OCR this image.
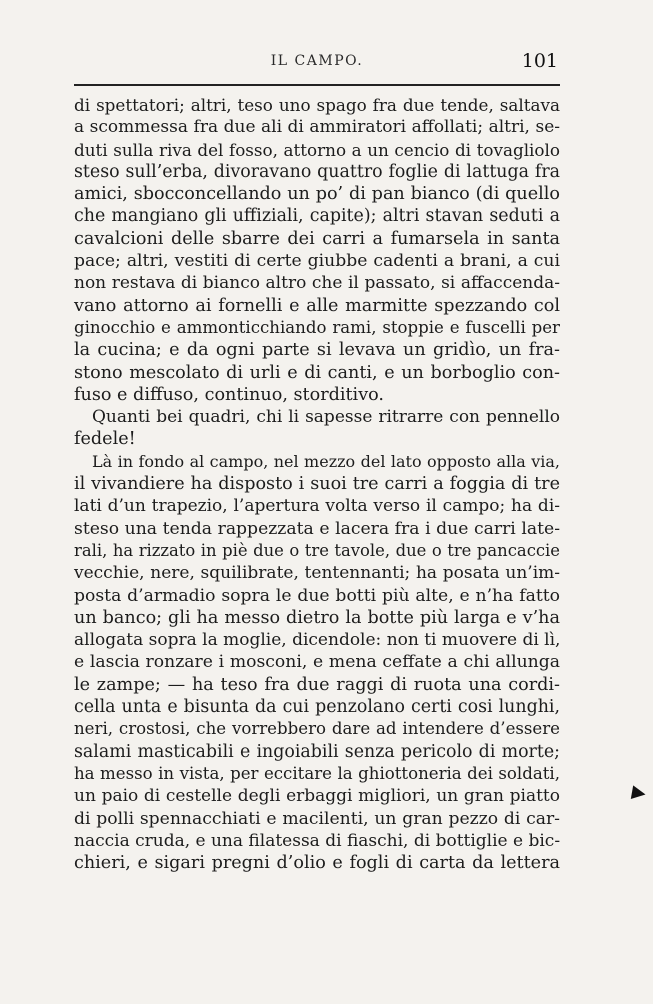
IL CAMPO.	101
di spettatori; altri, teso uno spago fra due tende, saltava
a scommessa fra due ali di ammiratori affollati; altri, se-
duti sulla riva del fosso, attorno a un cencio di tovagliolo
steso sull’erba, divoravano quattro foglie di lattuga fra
amici, sbocconcellando un po’ di pan bianco (di quello
che mangiano gli uffiziali, capite); altri stavan seduti a
cavalcioni delle sbarre dei carri a fumarsela in santa
pace; altri, vestiti di certe giubbe cadenti a brani, a cui
non restava di bianco altro che il passato, si affaccenda-
vano attorno ai fornelli e alle marmitte spezzando col
ginocchio e ammonticchiando rami, stoppie e fuscelli per
la cucina; e da ogni parte si levava un gridìo, un fra-
stono mescolato di urli e di canti, e un borboglio con-
fuso e diffuso, continuo, storditivo.
Quanti bei quadri, chi li sapesse ritrarre con pennello
fedele!
Là in fondo al campo, nel mezzo del lato opposto alla via,
il vivandiere ha disposto i suoi tre carri a foggia di tre
lati d’un trapezio, l’apertura volta verso il campo; ha di-
steso una tenda rappezzata e lacera fra i due carri late-
rali, ha rizzato in piè due o tre tavole, due o tre pancaccie
vecchie, nere, squilibrate, tentennanti; ha posata un’im-
posta d’armadio sopra le due botti più alte, e n’ha fatto
un banco; gli ha messo dietro la botte più larga e v’ha
allogata sopra la moglie, dicendole: non ti muovere di lì,
e lascia ronzare i mosconi, e mena ceffate a chi allunga
le zampe; — ha teso fra due raggi di ruota una cordi-
cella unta e bisunta da cui penzolano certi cosi lunghi,
neri, crostosi, che vorrebbero dare ad intendere d’essere
salami masticabili e ingoiabili senza pericolo di morte;
ha messo in vista, per eccitare la ghiottoneria dei soldati,
un paio di cestelle degli erbaggi migliori, un gran piatto
di polli spennacchiati e macilenti, un gran pezzo di car-
naccia cruda, e una filatessa di fiaschi, di bottiglie e bic-
chieri, e sigari pregni d’olio e fogli di carta da lettera
▶
